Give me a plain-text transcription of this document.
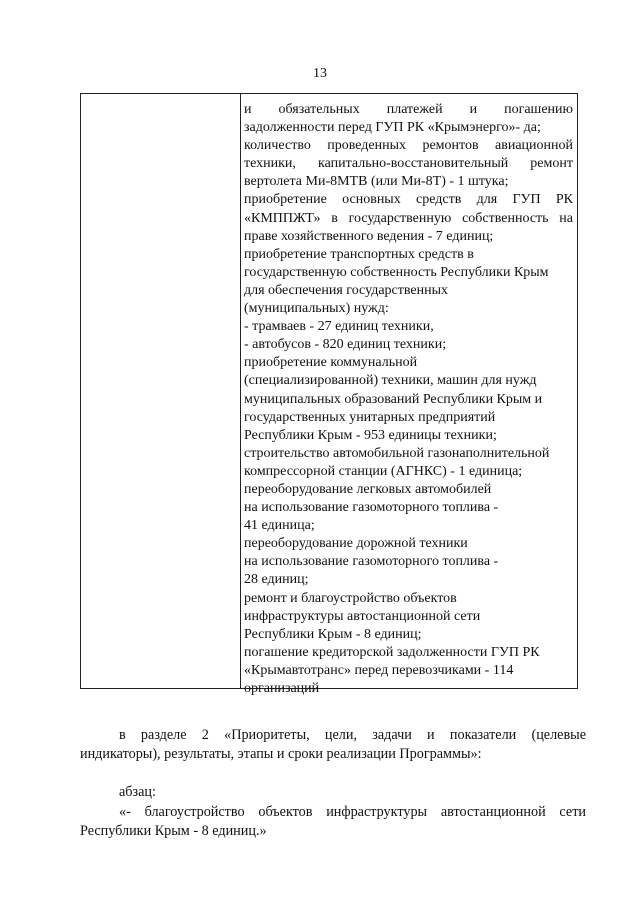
13
и обязательных платежей и погашению
задолженности перед ГУП РК «Крымэнерго»- да;
количество проведенных ремонтов авиационной
техники, капитально-восстановительный ремонт
вертолета Ми-8МТВ (или Ми-8Т) - 1 штука;
приобретение основных средств для ГУП РК
«КМППЖТ» в государственную собственность на
праве хозяйственного ведения - 7 единиц;
приобретение транспортных средств в
государственную собственность Республики Крым
для обеспечения государственных
(муниципальных) нужд:
- трамваев - 27 единиц техники,
- автобусов - 820 единиц техники;
приобретение коммунальной
(специализированной) техники, машин для нужд
муниципальных образований Республики Крым и
государственных унитарных предприятий
Республики Крым - 953 единицы техники;
строительство автомобильной газонаполнительной
компрессорной станции (АГНКС) - 1 единица;
переоборудование легковых автомобилей
на использование газомоторного топлива -
41 единица;
переоборудование дорожной техники
на использование газомоторного топлива -
28 единиц;
ремонт и благоустройство объектов
инфраструктуры автостанционной сети
Республики Крым - 8 единиц;
погашение кредиторской задолженности ГУП РК
«Крымавтотранс» перед перевозчиками - 114
организаций
в разделе 2 «Приоритеты, цели, задачи и показатели (целевые
индикаторы), результаты, этапы и сроки реализации Программы»:
абзац:
«- благоустройство объектов инфраструктуры автостанционной сети
Республики Крым - 8 единиц.»
